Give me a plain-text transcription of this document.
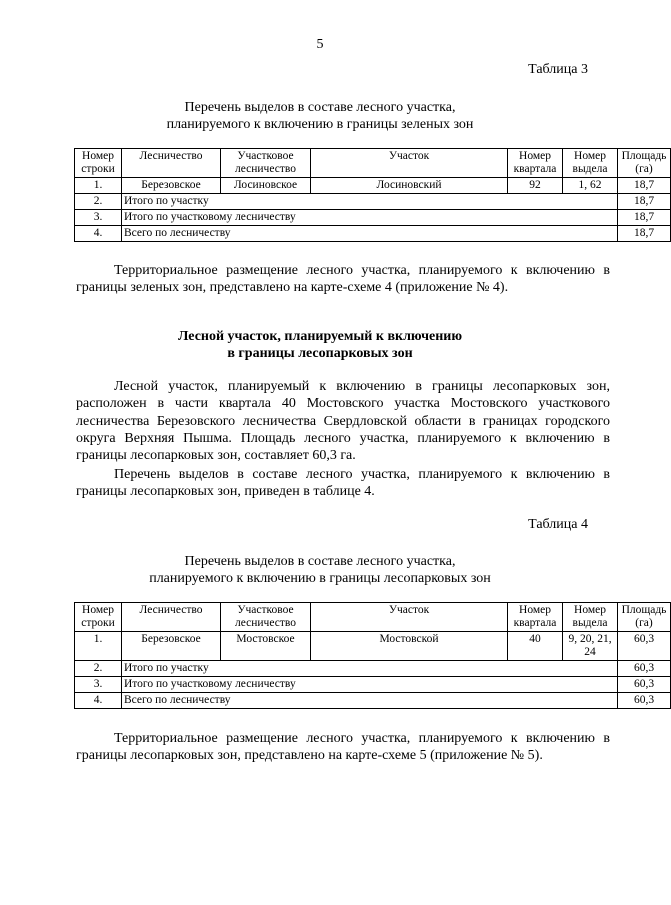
5
Таблица 3
Перечень выделов в составе лесного участка,
планируемого к включению в границы зеленых зон
Номер строки	Лесничество	Участковое лесничество	Участок	Номер квартала	Номер выдела	Площадь (га)
1.	Березовское	Лосиновское	Лосиновский	92	1, 62	18,7
2.	Итого по участку					18,7
3.	Итого по участковому лесничеству					18,7
4.	Всего по лесничеству					18,7

Территориальное размещение лесного участка, планируемого к включению в границы зеленых зон, представлено на карте-схеме 4 (приложение № 4).

Лесной участок, планируемый к включению
в границы лесопарковых зон

Лесной участок, планируемый к включению в границы лесопарковых зон, расположен в части квартала 40 Мостовского участка Мостовского участкового лесничества Березовского лесничества Свердловской области в границах городского округа Верхняя Пышма. Площадь лесного участка, планируемого к включению в границы лесопарковых зон, составляет 60,3 га.

Перечень выделов в составе лесного участка, планируемого к включению в границы лесопарковых зон, приведен в таблице 4.

Таблица 4
Перечень выделов в составе лесного участка,
планируемого к включению в границы лесопарковых зон
Номер строки	Лесничество	Участковое лесничество	Участок	Номер квартала	Номер выдела	Площадь (га)
1.	Березовское	Мостовское	Мостовской	40	9, 20, 21, 24	60,3
2.	Итого по участку					60,3
3.	Итого по участковому лесничеству					60,3
4.	Всего по лесничеству					60,3

Территориальное размещение лесного участка, планируемого к включению в границы лесопарковых зон, представлено на карте-схеме 5 (приложение № 5).
